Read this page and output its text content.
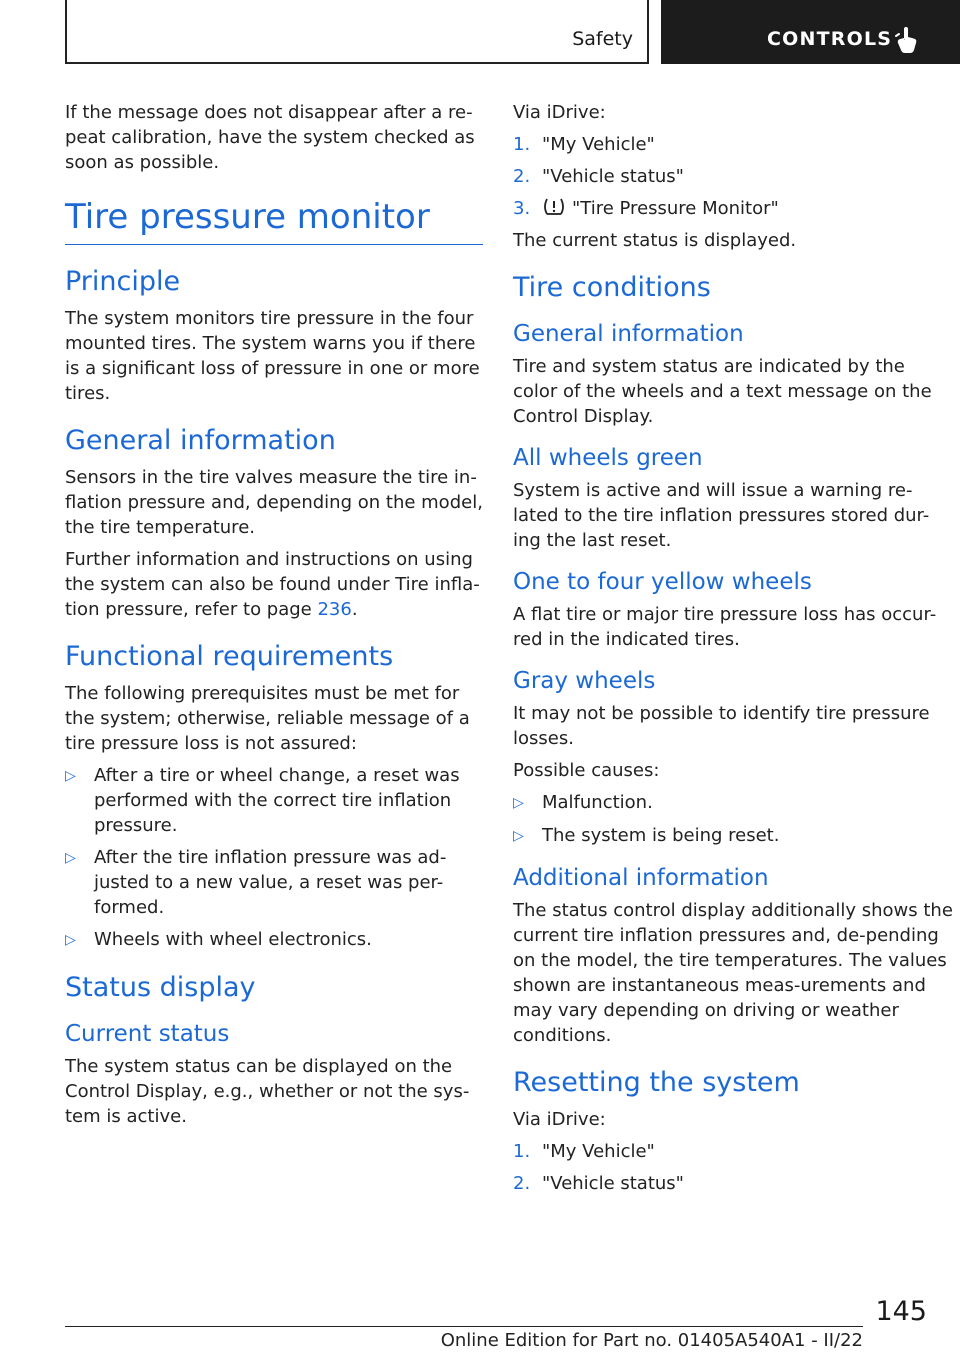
Safety	CONTROLS

If the message does not disappear after a re-peat calibration, have the system checked as soon as possible.

Tire pressure monitor
Principle

The system monitors tire pressure in the four mounted tires. The system warns you if there is a significant loss of pressure in one or more tires.

General information

Sensors in the tire valves measure the tire in-flation pressure and, depending on the model, the tire temperature.

Further information and instructions on using the system can also be found under Tire infla-tion pressure, refer to page 236.

Functional requirements

The following prerequisites must be met for the system; otherwise, reliable message of a tire pressure loss is not assured:

▷	After a tire or wheel change, a reset was performed with the correct tire inflation pressure.
▷	After the tire inflation pressure was ad-justed to a new value, a reset was per-formed.
▷	Wheels with wheel electronics.
Status display
Current status

The system status can be displayed on the Control Display, e.g., whether or not the sys-tem is active.

Via iDrive:

1. "My Vehicle"
2. "Vehicle status"
3.	"Tire Pressure Monitor"

The current status is displayed.

Tire conditions
General information

Tire and system status are indicated by the color of the wheels and a text message on the Control Display.

All wheels green

System is active and will issue a warning re-lated to the tire inflation pressures stored dur-ing the last reset.

One to four yellow wheels

A flat tire or major tire pressure loss has occur-red in the indicated tires.

Gray wheels

It may not be possible to identify tire pressure losses.

Possible causes:

▷	Malfunction.
▷	The system is being reset.
Additional information

The status control display additionally shows the current tire inflation pressures and, de-pending on the model, the tire temperatures. The values shown are instantaneous meas-urements and may vary depending on driving or weather conditions.

Resetting the system

Via iDrive:

1. "My Vehicle"
2. "Vehicle status"
145
Online Edition for Part no. 01405A540A1 - II/22
